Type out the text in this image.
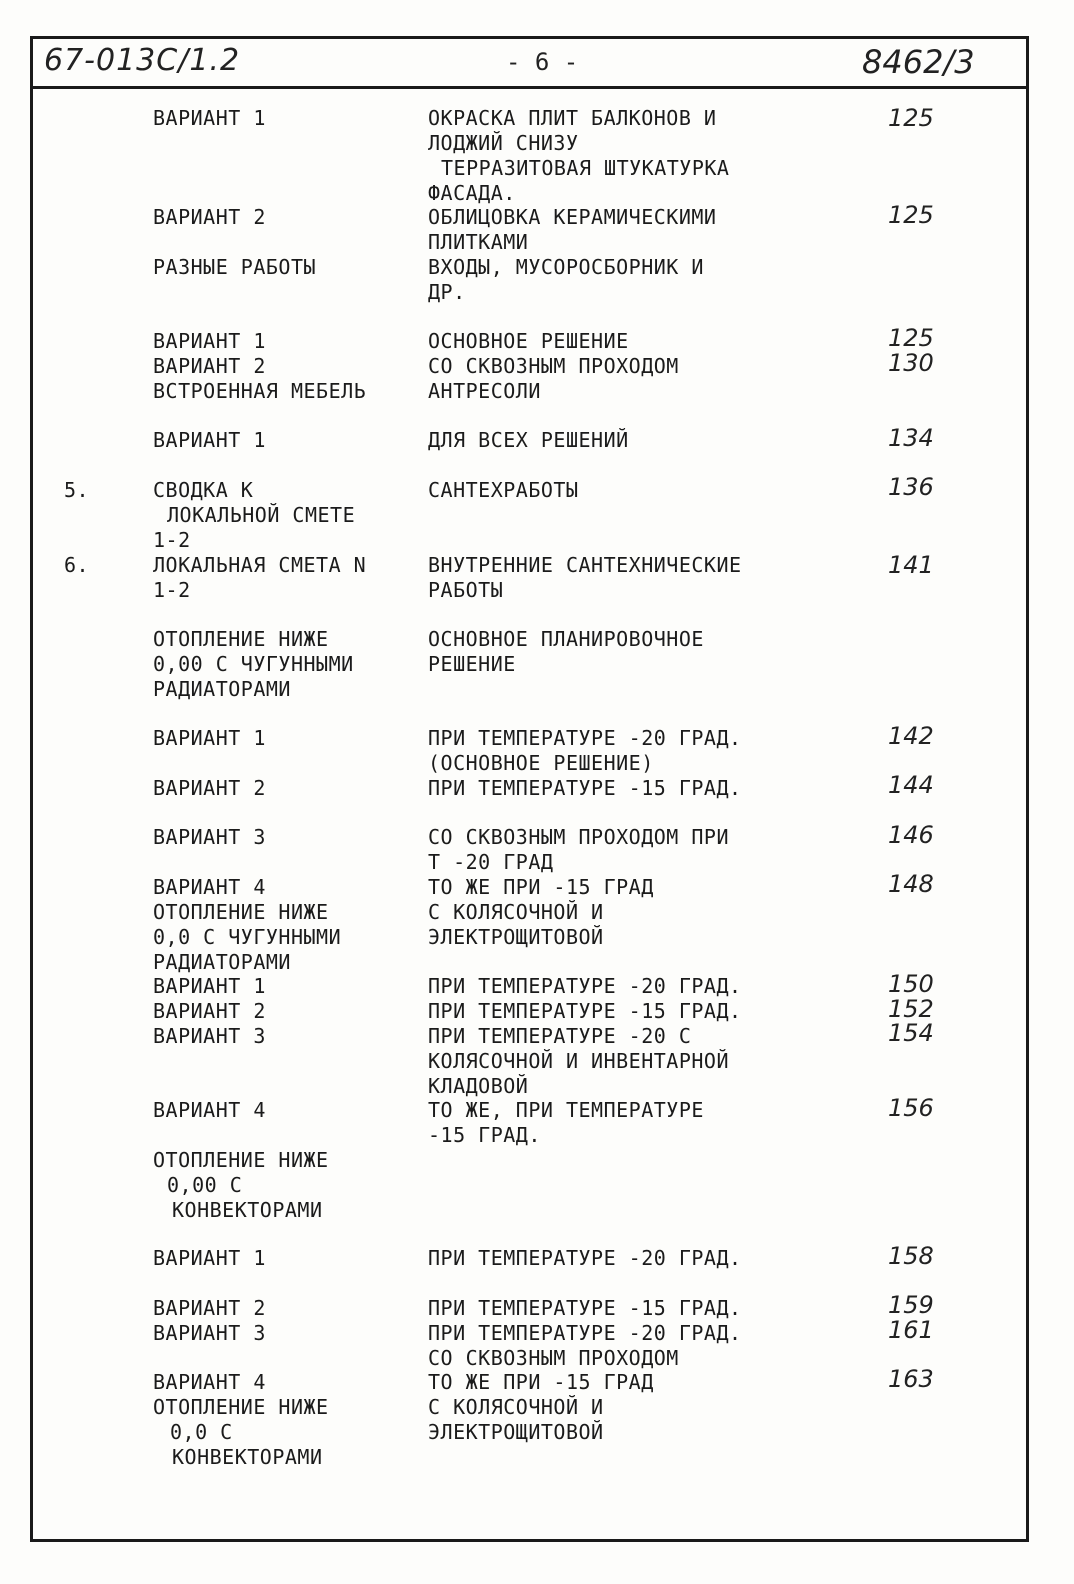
67-013С/1.2	- 6 -	8462/3
ВАРИАНТ 1	ОКРАСКА ПЛИТ БАЛКОНОВ И	125
ЛОДЖИЙ СНИЗУ
ТЕРРАЗИТОВАЯ ШТУКАТУРКА
ФАСАДА.
ВАРИАНТ 2	ОБЛИЦОВКА КЕРАМИЧЕСКИМИ	125
ПЛИТКАМИ
РАЗНЫЕ РАБОТЫ	ВХОДЫ, МУСОРОСБОРНИК И
ДР.
ВАРИАНТ 1	ОСНОВНОЕ РЕШЕНИЕ	125
ВАРИАНТ 2	СО СКВОЗНЫМ ПРОХОДОМ	130
ВСТРОЕННАЯ МЕБЕЛЬ	АНТРЕСОЛИ
ВАРИАНТ 1	ДЛЯ ВСЕХ РЕШЕНИЙ	134
5.	СВОДКА К	САНТЕХРАБОТЫ	136
ЛОКАЛЬНОЙ СМЕТЕ
1-2
6.	ЛОКАЛЬНАЯ СМЕТА N	ВНУТРЕННИЕ САНТЕХНИЧЕСКИЕ	141
1-2	РАБОТЫ
ОТОПЛЕНИЕ НИЖЕ	ОСНОВНОЕ ПЛАНИРОВОЧНОЕ
0,00 С ЧУГУННЫМИ	РЕШЕНИЕ
РАДИАТОРАМИ
ВАРИАНТ 1	ПРИ ТЕМПЕРАТУРЕ -20 ГРАД.	142
(ОСНОВНОЕ РЕШЕНИЕ)
ВАРИАНТ 2	ПРИ ТЕМПЕРАТУРЕ -15 ГРАД.	144
ВАРИАНТ 3	СО СКВОЗНЫМ ПРОХОДОМ ПРИ	146
Т -20 ГРАД
ВАРИАНТ 4	ТО ЖЕ ПРИ -15 ГРАД	148
ОТОПЛЕНИЕ НИЖЕ	С КОЛЯСОЧНОЙ И
0,0 С ЧУГУННЫМИ	ЭЛЕКТРОЩИТОВОЙ
РАДИАТОРАМИ
ВАРИАНТ 1	ПРИ ТЕМПЕРАТУРЕ -20 ГРАД.	150
ВАРИАНТ 2	ПРИ ТЕМПЕРАТУРЕ -15 ГРАД.	152
ВАРИАНТ 3	ПРИ ТЕМПЕРАТУРЕ -20 С	154
КОЛЯСОЧНОЙ И ИНВЕНТАРНОЙ
КЛАДОВОЙ
ВАРИАНТ 4	ТО ЖЕ, ПРИ ТЕМПЕРАТУРЕ	156
-15 ГРАД.
ОТОПЛЕНИЕ НИЖЕ
0,00 С
КОНВЕКТОРАМИ
ВАРИАНТ 1	ПРИ ТЕМПЕРАТУРЕ -20 ГРАД.	158
ВАРИАНТ 2	ПРИ ТЕМПЕРАТУРЕ -15 ГРАД.	159
ВАРИАНТ 3	ПРИ ТЕМПЕРАТУРЕ -20 ГРАД.	161
СО СКВОЗНЫМ ПРОХОДОМ
ВАРИАНТ 4	ТО ЖЕ ПРИ -15 ГРАД	163
ОТОПЛЕНИЕ НИЖЕ	С КОЛЯСОЧНОЙ И
0,0 С	ЭЛЕКТРОЩИТОВОЙ
КОНВЕКТОРАМИ
